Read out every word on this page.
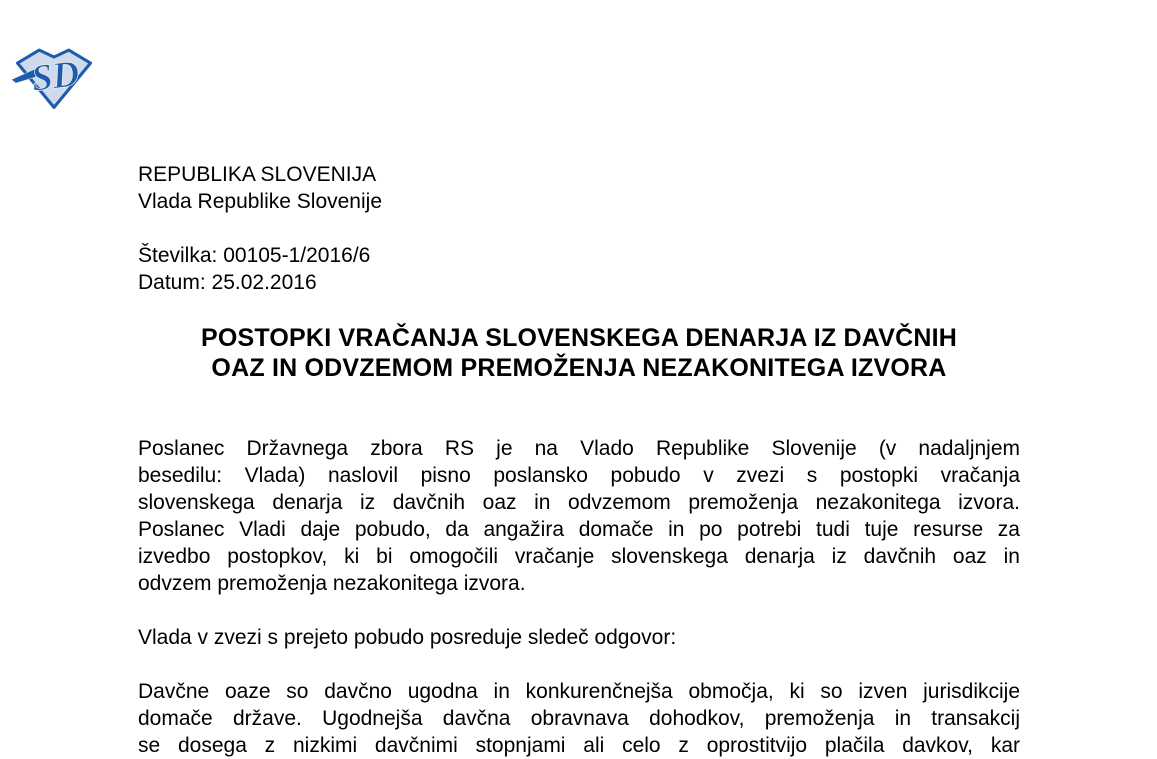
SD
REPUBLIKA SLOVENIJA
Vlada Republike Slovenije
Številka: 00105-1/2016/6
Datum: 25.02.2016
POSTOPKI VRAČANJA SLOVENSKEGA DENARJA IZ DAVČNIH
OAZ IN ODVZEMOM PREMOŽENJA NEZAKONITEGA IZVORA

Poslanec Državnega zbora RS je na Vlado Republike Slovenije (v nadaljnjem
besedilu: Vlada) naslovil pisno poslansko pobudo v zvezi s postopki vračanja
slovenskega denarja iz davčnih oaz in odvzemom premoženja nezakonitega izvora.
Poslanec Vladi daje pobudo, da angažira domače in po potrebi tudi tuje resurse za
izvedbo postopkov, ki bi omogočili vračanje slovenskega denarja iz davčnih oaz in
odvzem premoženja nezakonitega izvora.

Vlada v zvezi s prejeto pobudo posreduje sledeč odgovor:

Davčne oaze so davčno ugodna in konkurenčnejša območja, ki so izven jurisdikcije
domače države. Ugodnejša davčna obravnava dohodkov, premoženja in transakcij
se dosega z nizkimi davčnimi stopnjami ali celo z oprostitvijo plačila davkov, kar
